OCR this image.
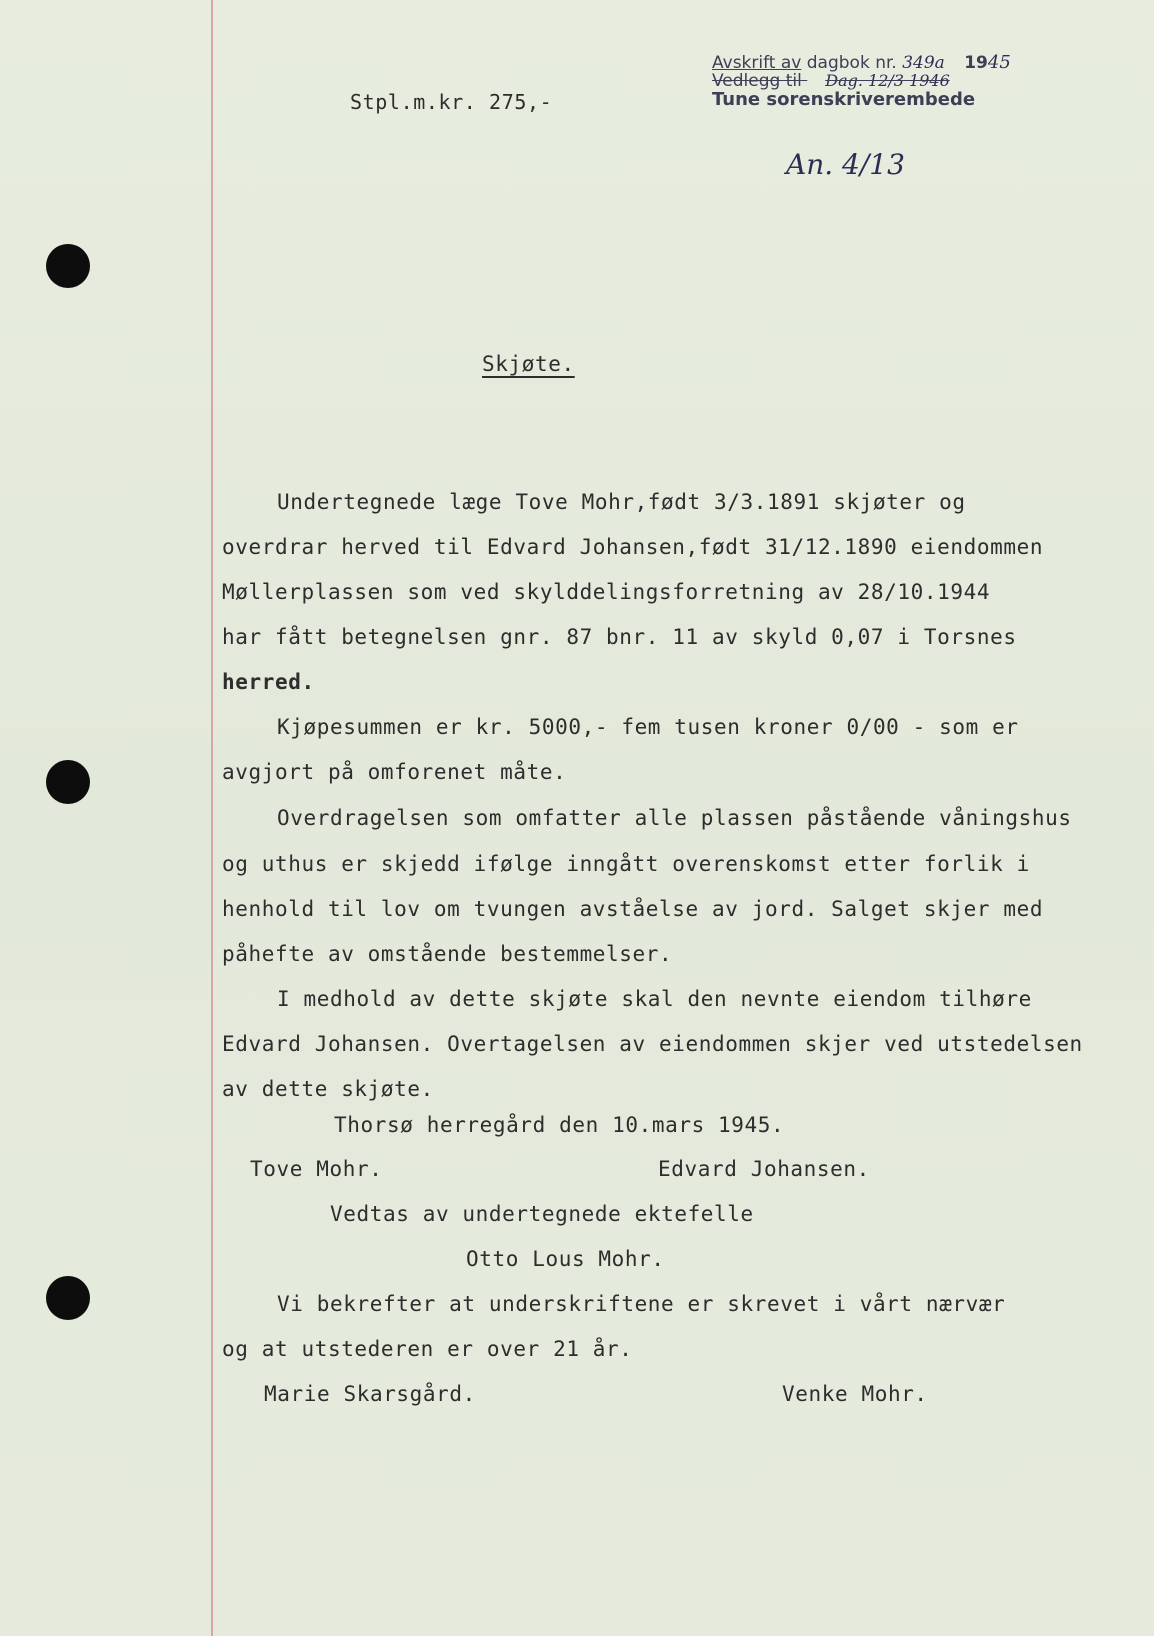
Avskrift av dagbok nr. 349a 1945
Vedlegg til Dag. 12/3 1946
Tune sorenskriverembede
An. 4/13
Stpl.m.kr. 275,-
Skjøte.
Undertegnede læge Tove Mohr,født 3/3.1891 skjøter og
overdrar herved til Edvard Johansen,født 31/12.1890 eiendommen
Møllerplassen som ved skylddelingsforretning av 28/10.1944
har fått betegnelsen gnr. 87 bnr. 11 av skyld 0,07 i Torsnes
herred.
Kjøpesummen er kr. 5000,- fem tusen kroner 0/00 - som er
avgjort på omforenet måte.
Overdragelsen som omfatter alle plassen påstående våningshus
og uthus er skjedd ifølge inngått overenskomst etter forlik i
henhold til lov om tvungen avståelse av jord. Salget skjer med
påhefte av omstående bestemmelser.
I medhold av dette skjøte skal den nevnte eiendom tilhøre
Edvard Johansen. Overtagelsen av eiendommen skjer ved utstedelsen
av dette skjøte.
Thorsø herregård den 10.mars 1945.
Tove Mohr.	Edvard Johansen.
Vedtas av undertegnede ektefelle
Otto Lous Mohr.
Vi bekrefter at underskriftene er skrevet i vårt nærvær
og at utstederen er over 21 år.
Marie Skarsgård.	Venke Mohr.
